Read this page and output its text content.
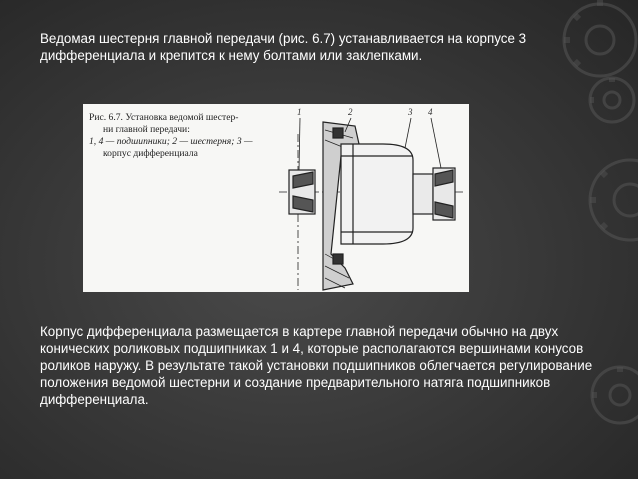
Ведомая шестерня главной передачи (рис. 6.7) устанавливается на корпусе 3 дифференциала и крепится к нему болтами или заклепками.

Рис. 6.7. Установка ведомой шестер-
ни главной передачи:
1, 4 — подшипники; 2 — шестерня; 3 —
корпус дифференциала
1	2	3 4

Корпус дифференциала размещается в картере главной передачи обычно на двух конических роликовых подшипниках 1 и 4, которые располагаются вершинами конусов роликов наружу. В результате такой установки подшипников облегчается регулирование положения ведомой шестерни и создание предварительного натяга подшипников дифференциала.
